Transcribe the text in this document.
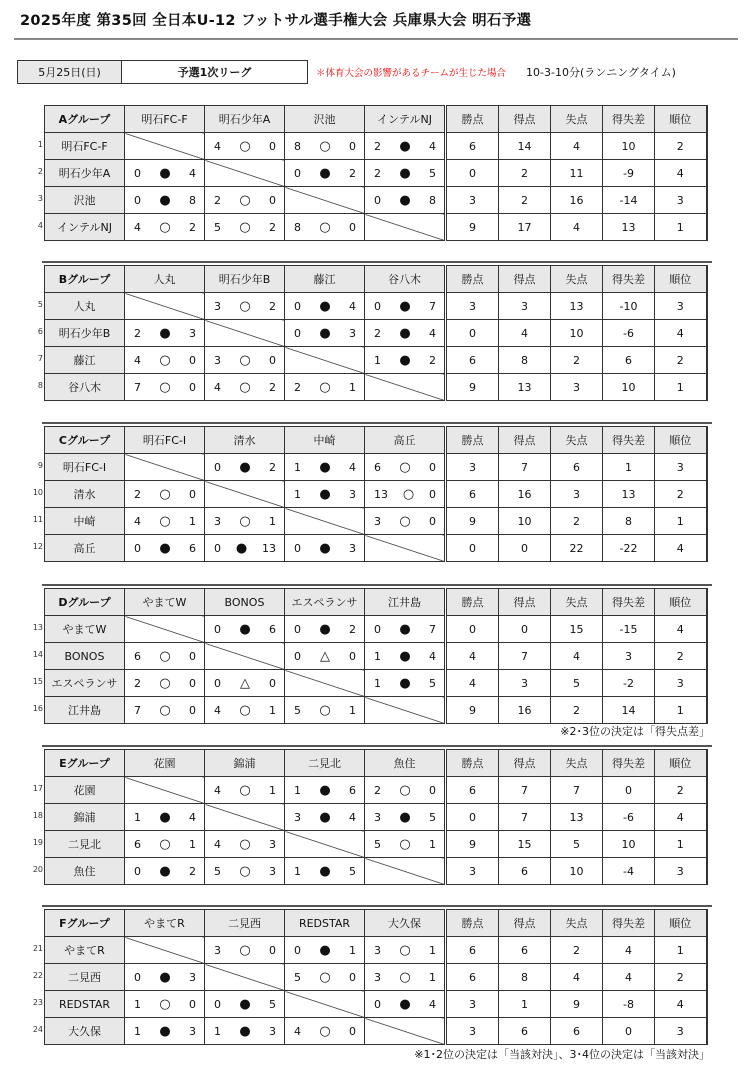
2025年度 第35回 全日本U-12 フットサル選手権大会 兵庫県大会 明石予選
5月25日(日)	予選1次リーグ	＊体育大会の影響があるチームが生じた場合 10-3-10分(ランニングタイム)
1
2
3
4
Aグループ	明石FC-F	明石少年A	沢池	インテルNJ		勝点	得点	失点	得失差	順位
明石FC-F		4 ○ 0	8 ○ 0	2 ● 4		6	14	4	10	2
明石少年A	0 ● 4		0 ● 2	2 ● 5		0	2	11	-9	4
沢池	0 ● 8	2 ○ 0		0 ● 8		3	2	16	-14	3
インテルNJ	4 ○ 2	5 ○ 2	8 ○ 0			9	17	4	13	1
5
6
7
8
Bグループ	人丸	明石少年B	藤江	谷八木		勝点	得点	失点	得失差	順位
人丸		3 ○ 2	0 ● 4	0 ● 7		3	3	13	-10	3
明石少年B	2 ● 3		0 ● 3	2 ● 4		0	4	10	-6	4
藤江	4 ○ 0	3 ○ 0		1 ● 2		6	8	2	6	2
谷八木	7 ○ 0	4 ○ 2	2 ○ 1			9	13	3	10	1
9
10
11
12
Cグループ	明石FC-I	清水	中崎	高丘		勝点	得点	失点	得失差	順位
明石FC-I		0 ● 2	1 ● 4	6 ○ 0		3	7	6	1	3
清水	2 ○ 0		1 ● 3	13 ○ 0		6	16	3	13	2
中崎	4 ○ 1	3 ○ 1		3 ○ 0		9	10	2	8	1
高丘	0 ● 6	0 ● 13	0 ● 3			0	0	22	-22	4
13
14
15
16
Dグループ	やまてW	BONOS	エスペランサ	江井島		勝点	得点	失点	得失差	順位
やまてW		0 ● 6	0 ● 2	0 ● 7		0	0	15	-15	4
BONOS	6 ○ 0		0 △ 0	1 ● 4		4	7	4	3	2
エスペランサ	2 ○ 0	0 △ 0		1 ● 5		4	3	5	-2	3
江井島	7 ○ 0	4 ○ 1	5 ○ 1			9	16	2	14	1
※2･3位の決定は「得失点差」
17
18
19
20
Eグループ	花園	錦浦	二見北	魚住		勝点	得点	失点	得失差	順位
花園		4 ○ 1	1 ● 6	2 ○ 0		6	7	7	0	2
錦浦	1 ● 4		3 ● 4	3 ● 5		0	7	13	-6	4
二見北	6 ○ 1	4 ○ 3		5 ○ 1		9	15	5	10	1
魚住	0 ● 2	5 ○ 3	1 ● 5			3	6	10	-4	3
21
22
23
24
Fグループ	やまてR	二見西	REDSTAR	大久保		勝点	得点	失点	得失差	順位
やまてR		3 ○ 0	0 ● 1	3 ○ 1		6	6	2	4	1
二見西	0 ● 3		5 ○ 0	3 ○ 1		6	8	4	4	2
REDSTAR	1 ○ 0	0 ● 5		0 ● 4		3	1	9	-8	4
大久保	1 ● 3	1 ● 3	4 ○ 0			3	6	6	0	3
※1･2位の決定は「当該対決」、3･4位の決定は「当該対決」
